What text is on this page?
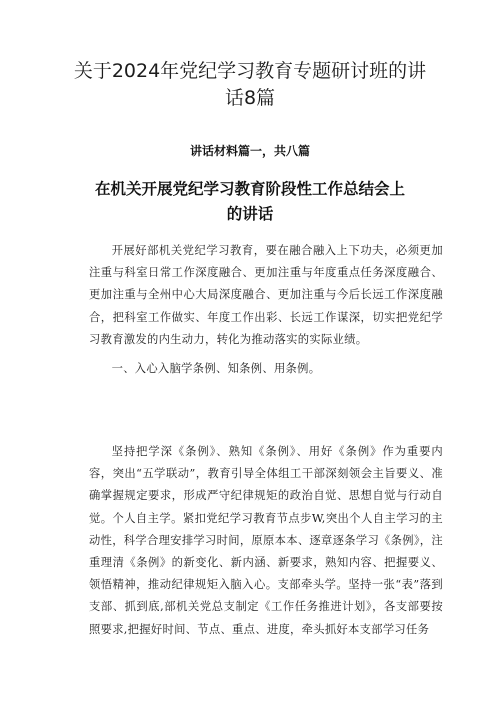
关于2024年党纪学习教育专题研讨班的讲
话8篇

讲话材料篇一，共八篇

在机关开展党纪学习教育阶段性工作总结会上
的讲话

开展好部机关党纪学习教育，要在融合融入上下功夫，必须更加注重与科室日常工作深度融合、更加注重与年度重点任务深度融合、更加注重与全州中心大局深度融合、更加注重与今后长远工作深度融合，把科室工作做实、年度工作出彩、长远工作谋深，切实把党纪学习教育激发的内生动力，转化为推动落实的实际业绩。

一、入心入脑学条例、知条例、用条例。

坚持把学深《条例》、熟知《条例》、用好《条例》作为重要内容，突出“五学联动”，教育引导全体组工干部深刻领会主旨要义、准确掌握规定要求，形成严守纪律规矩的政治自觉、思想自觉与行动自觉。个人自主学。紧扣党纪学习教育节点步W,突出个人自主学习的主动性，科学合理安排学习时间，原原本本、逐章逐条学习《条例》，注重理清《条例》的新变化、新内涵、新要求，熟知内容、把握要义、领悟精神，推动纪律规矩入脑入心。支部牵头学。坚持一张“表”落到支部、抓到底,部机关党总支制定《工作任务推进计划》，各支部要按照要求,把握好时间、节点、重点、进度，牵头抓好本支部学习任务
